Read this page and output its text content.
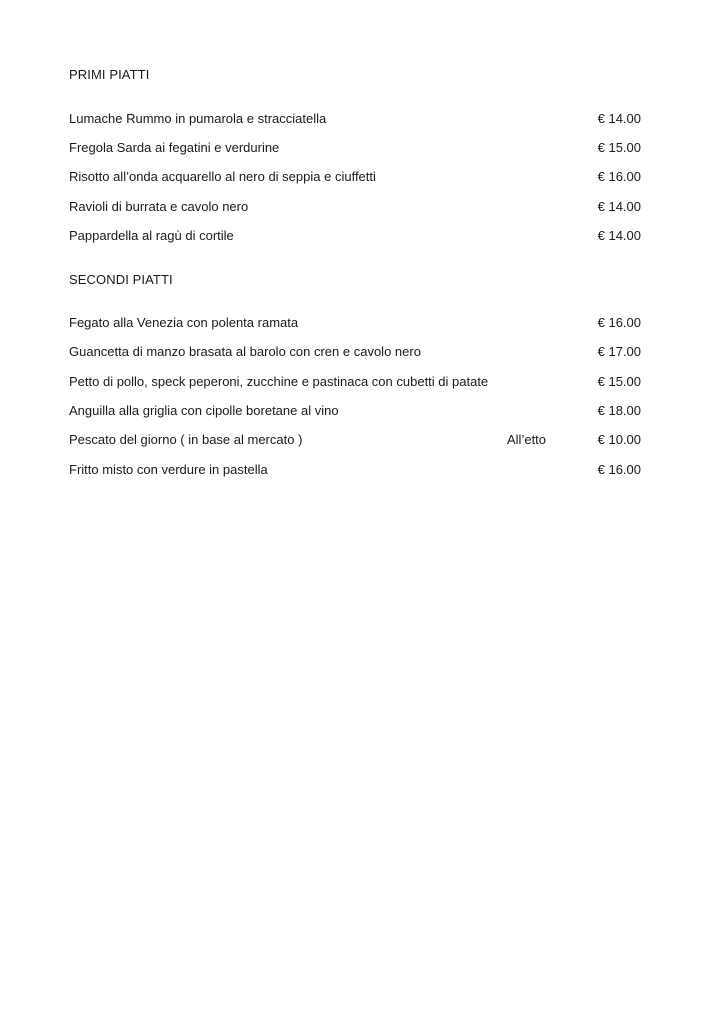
PRIMI PIATTI
Lumache Rummo in pumarola e stracciatella	€ 14.00
Fregola Sarda ai fegatini e verdurine	€ 15.00
Risotto all’onda acquarello al nero di seppia e ciuffetti	€ 16.00
Ravioli di burrata e cavolo nero	€ 14.00
Pappardella al ragù di cortile	€ 14.00
SECONDI PIATTI
Fegato alla Venezia con polenta ramata	€ 16.00
Guancetta di manzo brasata al barolo con cren e cavolo nero	€ 17.00
Petto di pollo, speck peperoni, zucchine e pastinaca con cubetti di patate	€ 15.00
Anguilla alla griglia con cipolle boretane al vino	€ 18.00
Pescato del giorno ( in base al mercato )	All’etto	€ 10.00
Fritto misto con verdure in pastella	€ 16.00
